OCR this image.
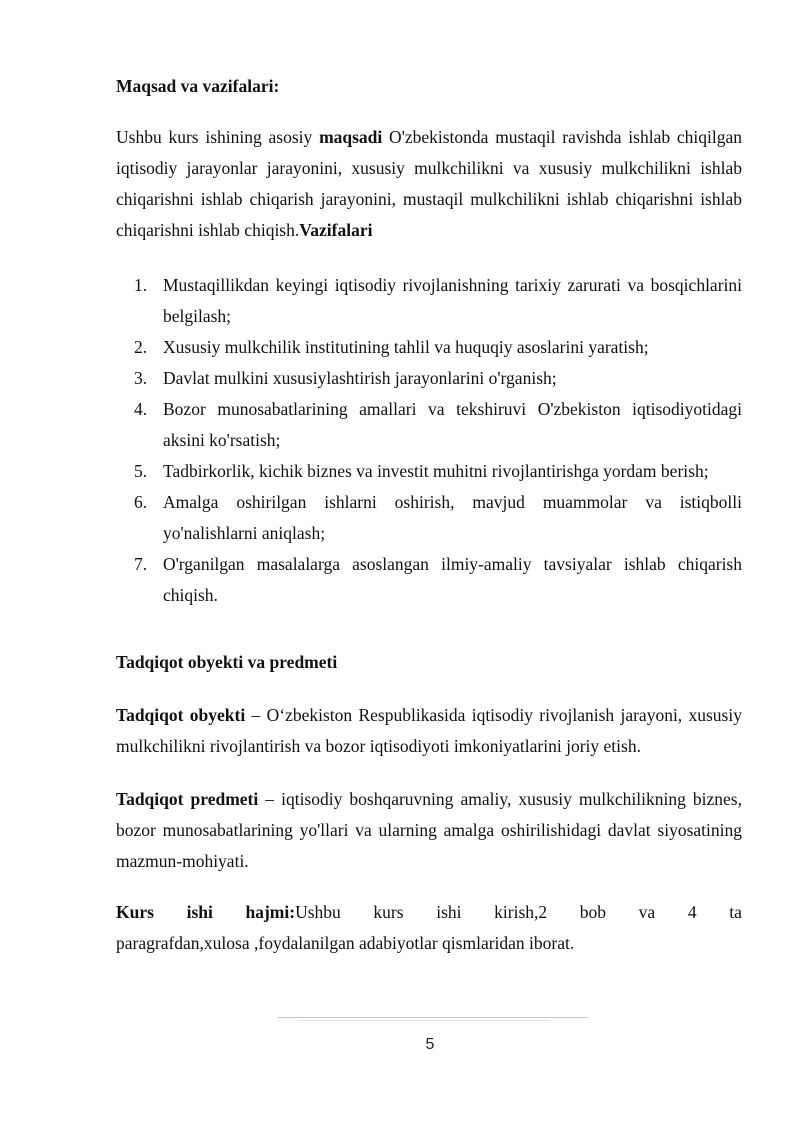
Maqsad va vazifalari:

Ushbu kurs ishining asosiy maqsadi O'zbekistonda mustaqil ravishda ishlab chiqilgan iqtisodiy jarayonlar jarayonini, xususiy mulkchilikni va xususiy mulkchilikni ishlab chiqarishni ishlab chiqarish jarayonini, mustaqil mulkchilikni ishlab chiqarishni ishlab chiqarishni ishlab chiqish.Vazifalari

1. Mustaqillikdan keyingi iqtisodiy rivojlanishning tarixiy zarurati va bosqichlarini belgilash;
2. Xususiy mulkchilik institutining tahlil va huquqiy asoslarini yaratish;
3. Davlat mulkini xususiylashtirish jarayonlarini o'rganish;
4. Bozor munosabatlarining amallari va tekshiruvi O'zbekiston iqtisodiyotidagi aksini ko'rsatish;
5. Tadbirkorlik, kichik biznes va investit muhitni rivojlantirishga yordam berish;
6. Amalga oshirilgan ishlarni oshirish, mavjud muammolar va istiqbolli yo'nalishlarni aniqlash;
7. O'rganilgan masalalarga asoslangan ilmiy-amaliy tavsiyalar ishlab chiqarish chiqish.

Tadqiqot obyekti va predmeti

Tadqiqot obyekti – O‘zbekiston Respublikasida iqtisodiy rivojlanish jarayoni, xususiy mulkchilikni rivojlantirish va bozor iqtisodiyoti imkoniyatlarini joriy etish.

Tadqiqot predmeti – iqtisodiy boshqaruvning amaliy, xususiy mulkchilikning biznes, bozor munosabatlarining yo'llari va ularning amalga oshirilishidagi davlat siyosatining mazmun-mohiyati.

Kurs ishi hajmi:Ushbu kurs ishi kirish,2 bob va 4 ta
paragrafdan,xulosa ,foydalanilgan adabiyotlar qismlaridan iborat.
5
